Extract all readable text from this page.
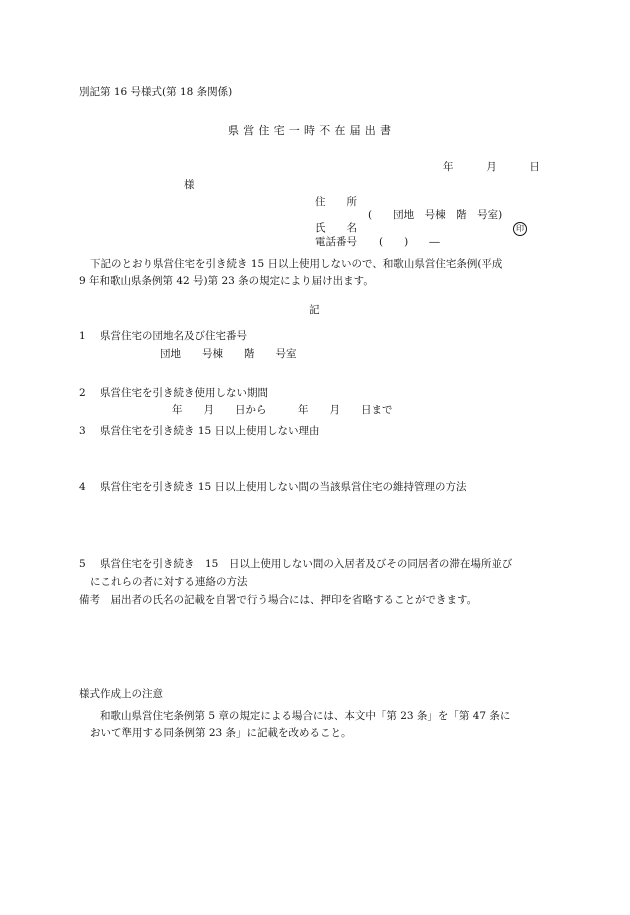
別記第 16 号様式(第 18 条関係)
県営住宅一時不在届出書
年	月	日
様
住　　所
(　　団地　号棟　階　号室)
氏　　名	印
電話番号 (　　)　　―
下記のとおり県営住宅を引き続き 15 日以上使用しないので、和歌山県営住宅条例(平成
9 年和歌山県条例第 42 号)第 23 条の規定により届け出ます。
記
1 県営住宅の団地名及び住宅番号
団地　　号棟　　階　　号室
2 県営住宅を引き続き使用しない期間
年　　月　　日から　　　年　　月　　日まで
3 県営住宅を引き続き 15 日以上使用しない理由
4 県営住宅を引き続き 15 日以上使用しない間の当該県営住宅の維持管理の方法
5 県営住宅を引き続き　15　日以上使用しない間の入居者及びその同居者の滞在場所並び
にこれらの者に対する連絡の方法
備考　届出者の氏名の記載を自署で行う場合には、押印を省略することができます。
様式作成上の注意
和歌山県営住宅条例第 5 章の規定による場合には、本文中「第 23 条」を「第 47 条に
おいて準用する同条例第 23 条」に記載を改めること。
